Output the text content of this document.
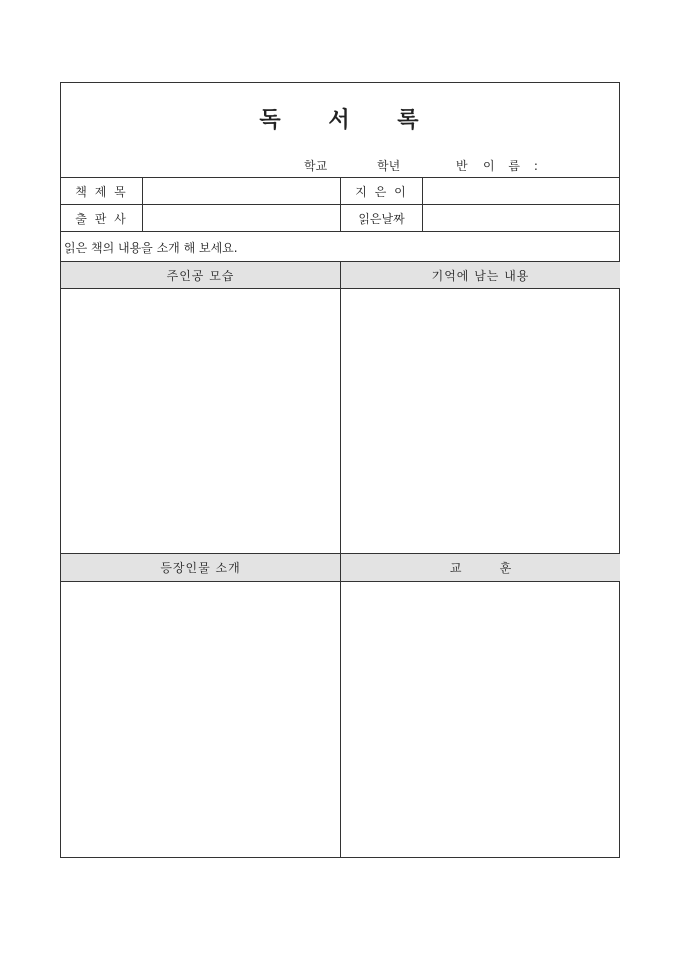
독 서 록
학교	학년	반 이 름 :
책 제 목	지 은 이
출 판 사	읽은날짜
읽은 책의 내용을 소개 해 보세요.
주인공 모습	기억에 남는 내용
등장인물 소개	교          훈
